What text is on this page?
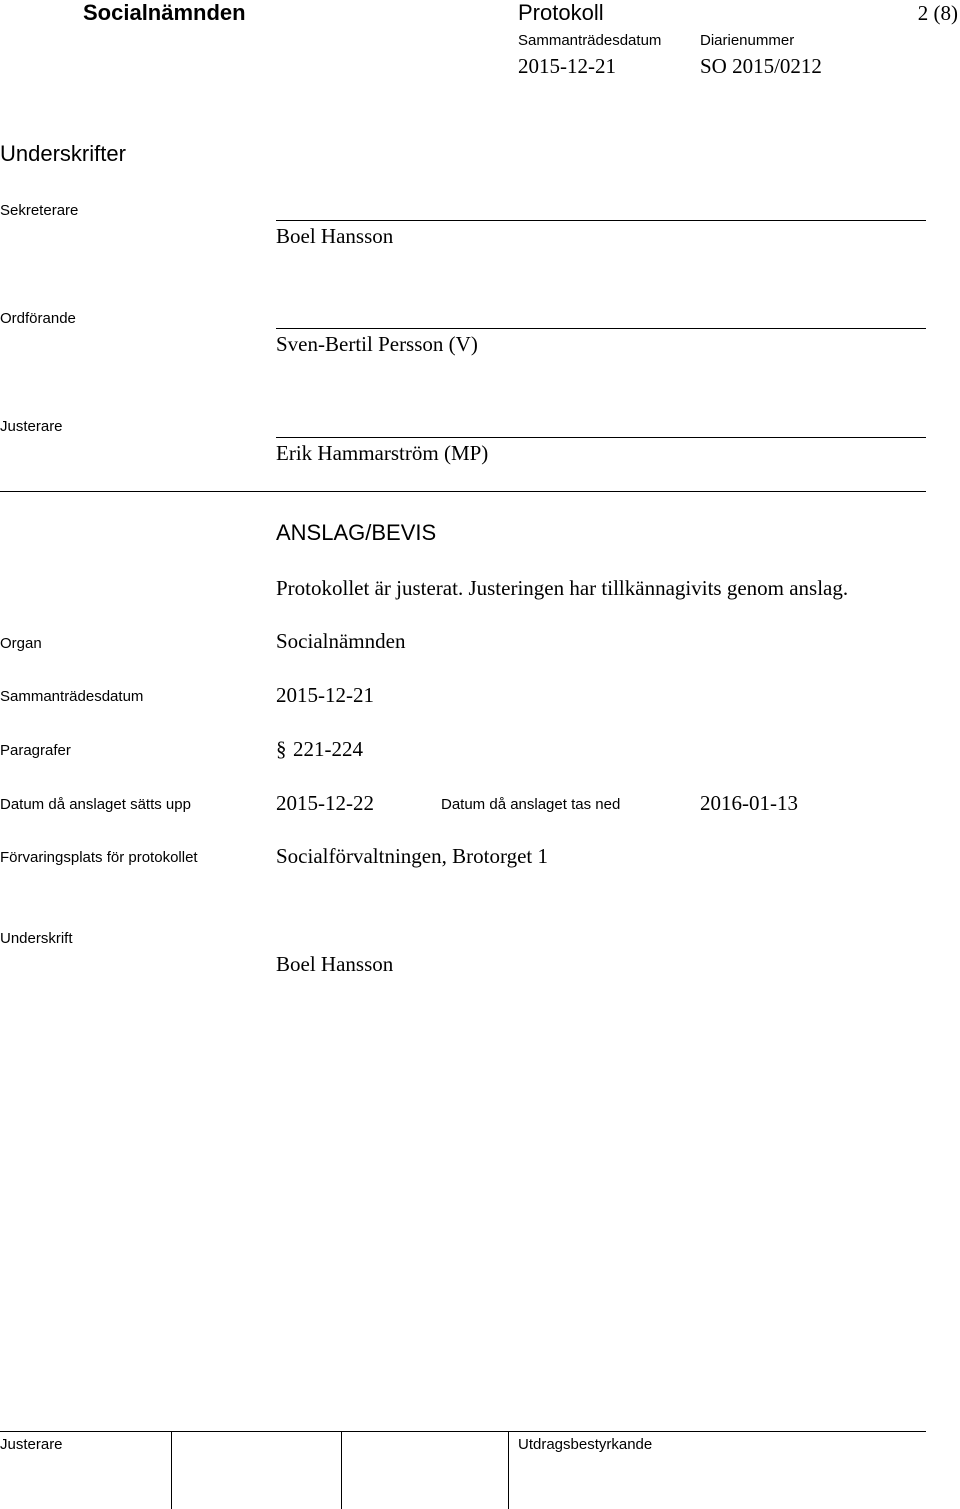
Socialnämnden	Protokoll	2 (8)
Sammanträdesdatum	Diarienummer
2015-12-21	SO 2015/0212
Underskrifter
Sekreterare
Boel Hansson
Ordförande
Sven-Bertil Persson (V)
Justerare
Erik Hammarström (MP)
ANSLAG/BEVIS
Protokollet är justerat. Justeringen har tillkännagivits genom anslag.
Organ	Socialnämnden
Sammanträdesdatum	2015-12-21
Paragrafer	§ 221-224
Datum då anslaget sätts upp	2015-12-22	Datum då anslaget tas ned	2016-01-13
Förvaringsplats för protokollet	Socialförvaltningen, Brotorget 1
Underskrift
Boel Hansson
Justerare	Utdragsbestyrkande
